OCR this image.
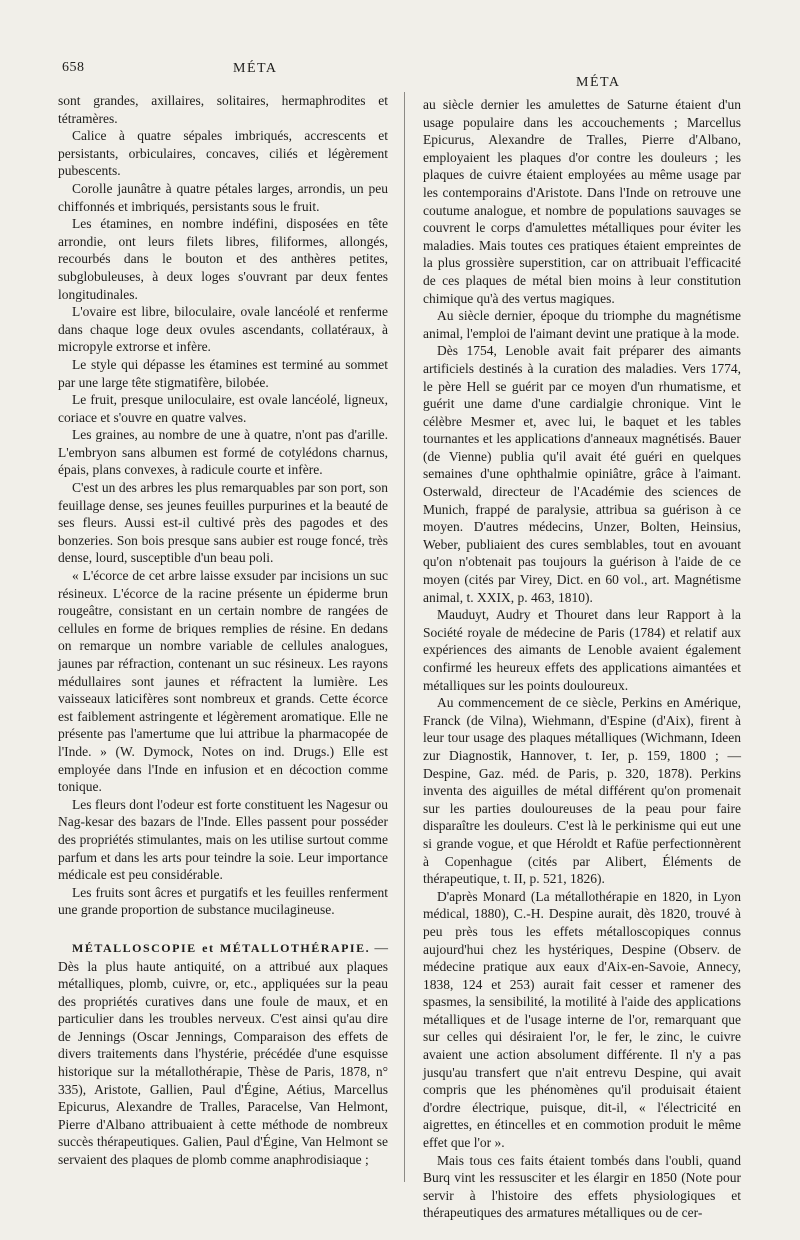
658	MÉTA
MÉTA

sont grandes, axillaires, solitaires, hermaphrodites et tétramères.

Calice à quatre sépales imbriqués, accrescents et persistants, orbiculaires, concaves, ciliés et légèrement pubescents.

Corolle jaunâtre à quatre pétales larges, arrondis, un peu chiffonnés et imbriqués, persistants sous le fruit.

Les étamines, en nombre indéfini, disposées en tête arrondie, ont leurs filets libres, filiformes, allongés, recourbés dans le bouton et des anthères petites, subglobuleuses, à deux loges s'ouvrant par deux fentes longitudinales.

L'ovaire est libre, biloculaire, ovale lancéolé et renferme dans chaque loge deux ovules ascendants, collatéraux, à micropyle extrorse et infère.

Le style qui dépasse les étamines est terminé au sommet par une large tête stigmatifère, bilobée.

Le fruit, presque uniloculaire, est ovale lancéolé, ligneux, coriace et s'ouvre en quatre valves.

Les graines, au nombre de une à quatre, n'ont pas d'arille. L'embryon sans albumen est formé de cotylédons charnus, épais, plans convexes, à radicule courte et infère.

C'est un des arbres les plus remarquables par son port, son feuillage dense, ses jeunes feuilles purpurines et la beauté de ses fleurs. Aussi est-il cultivé près des pagodes et des bonzeries. Son bois presque sans aubier est rouge foncé, très dense, lourd, susceptible d'un beau poli.

« L'écorce de cet arbre laisse exsuder par incisions un suc résineux. L'écorce de la racine présente un épiderme brun rougeâtre, consistant en un certain nombre de rangées de cellules en forme de briques remplies de résine. En dedans on remarque un nombre variable de cellules analogues, jaunes par réfraction, contenant un suc résineux. Les rayons médullaires sont jaunes et réfractent la lumière. Les vaisseaux laticifères sont nombreux et grands. Cette écorce est faiblement astringente et légèrement aromatique. Elle ne présente pas l'amertume que lui attribue la pharmacopée de l'Inde. » (W. Dymock, Notes on ind. Drugs.) Elle est employée dans l'Inde en infusion et en décoction comme tonique.

Les fleurs dont l'odeur est forte constituent les Nagesur ou Nag-kesar des bazars de l'Inde. Elles passent pour posséder des propriétés stimulantes, mais on les utilise surtout comme parfum et dans les arts pour teindre la soie. Leur importance médicale est peu considérable.

Les fruits sont âcres et purgatifs et les feuilles renferment une grande proportion de substance mucilagineuse.

MÉTALLOSCOPIE et MÉTALLOTHÉRAPIE. — Dès la plus haute antiquité, on a attribué aux plaques métalliques, plomb, cuivre, or, etc., appliquées sur la peau des propriétés curatives dans une foule de maux, et en particulier dans les troubles nerveux. C'est ainsi qu'au dire de Jennings (Oscar Jennings, Comparaison des effets de divers traitements dans l'hystérie, précédée d'une esquisse historique sur la métallothérapie, Thèse de Paris, 1878, n° 335), Aristote, Gallien, Paul d'Égine, Aétius, Marcellus Epicurus, Alexandre de Tralles, Paracelse, Van Helmont, Pierre d'Albano attribuaient à cette méthode de nombreux succès thérapeutiques. Galien, Paul d'Égine, Van Helmont se servaient des plaques de plomb comme anaphrodisiaque ;

au siècle dernier les amulettes de Saturne étaient d'un usage populaire dans les accouchements ; Marcellus Epicurus, Alexandre de Tralles, Pierre d'Albano, employaient les plaques d'or contre les douleurs ; les plaques de cuivre étaient employées au même usage par les contemporains d'Aristote. Dans l'Inde on retrouve une coutume analogue, et nombre de populations sauvages se couvrent le corps d'amulettes métalliques pour éviter les maladies. Mais toutes ces pratiques étaient empreintes de la plus grossière superstition, car on attribuait l'efficacité de ces plaques de métal bien moins à leur constitution chimique qu'à des vertus magiques.

Au siècle dernier, époque du triomphe du magnétisme animal, l'emploi de l'aimant devint une pratique à la mode.

Dès 1754, Lenoble avait fait préparer des aimants artificiels destinés à la curation des maladies. Vers 1774, le père Hell se guérit par ce moyen d'un rhumatisme, et guérit une dame d'une cardialgie chronique. Vint le célèbre Mesmer et, avec lui, le baquet et les tables tournantes et les applications d'anneaux magnétisés. Bauer (de Vienne) publia qu'il avait été guéri en quelques semaines d'une ophthalmie opiniâtre, grâce à l'aimant. Osterwald, directeur de l'Académie des sciences de Munich, frappé de paralysie, attribua sa guérison à ce moyen. D'autres médecins, Unzer, Bolten, Heinsius, Weber, publiaient des cures semblables, tout en avouant qu'on n'obtenait pas toujours la guérison à l'aide de ce moyen (cités par Virey, Dict. en 60 vol., art. Magnétisme animal, t. XXIX, p. 463, 1810).

Mauduyt, Audry et Thouret dans leur Rapport à la Société royale de médecine de Paris (1784) et relatif aux expériences des aimants de Lenoble avaient également confirmé les heureux effets des applications aimantées et métalliques sur les points douloureux.

Au commencement de ce siècle, Perkins en Amérique, Franck (de Vilna), Wiehmann, d'Espine (d'Aix), firent à leur tour usage des plaques métalliques (Wichmann, Ideen zur Diagnostik, Hannover, t. Ier, p. 159, 1800 ; — Despine, Gaz. méd. de Paris, p. 320, 1878). Perkins inventa des aiguilles de métal différent qu'on promenait sur les parties douloureuses de la peau pour faire disparaître les douleurs. C'est là le perkinisme qui eut une si grande vogue, et que Héroldt et Rafüe perfectionnèrent à Copenhague (cités par Alibert, Éléments de thérapeutique, t. II, p. 521, 1826).

D'après Monard (La métallothérapie en 1820, in Lyon médical, 1880), C.-H. Despine aurait, dès 1820, trouvé à peu près tous les effets métalloscopiques connus aujourd'hui chez les hystériques, Despine (Observ. de médecine pratique aux eaux d'Aix-en-Savoie, Annecy, 1838, 124 et 253) aurait fait cesser et ramener des spasmes, la sensibilité, la motilité à l'aide des applications métalliques et de l'usage interne de l'or, remarquant que sur celles qui désiraient l'or, le fer, le zinc, le cuivre avaient une action absolument différente. Il n'y a pas jusqu'au transfert que n'ait entrevu Despine, qui avait compris que les phénomènes qu'il produisait étaient d'ordre électrique, puisque, dit-il, « l'électricité en aigrettes, en étincelles et en commotion produit le même effet que l'or ».

Mais tous ces faits étaient tombés dans l'oubli, quand Burq vint les ressusciter et les élargir en 1850 (Note pour servir à l'histoire des effets physiologiques et thérapeutiques des armatures métalliques ou de cer-
